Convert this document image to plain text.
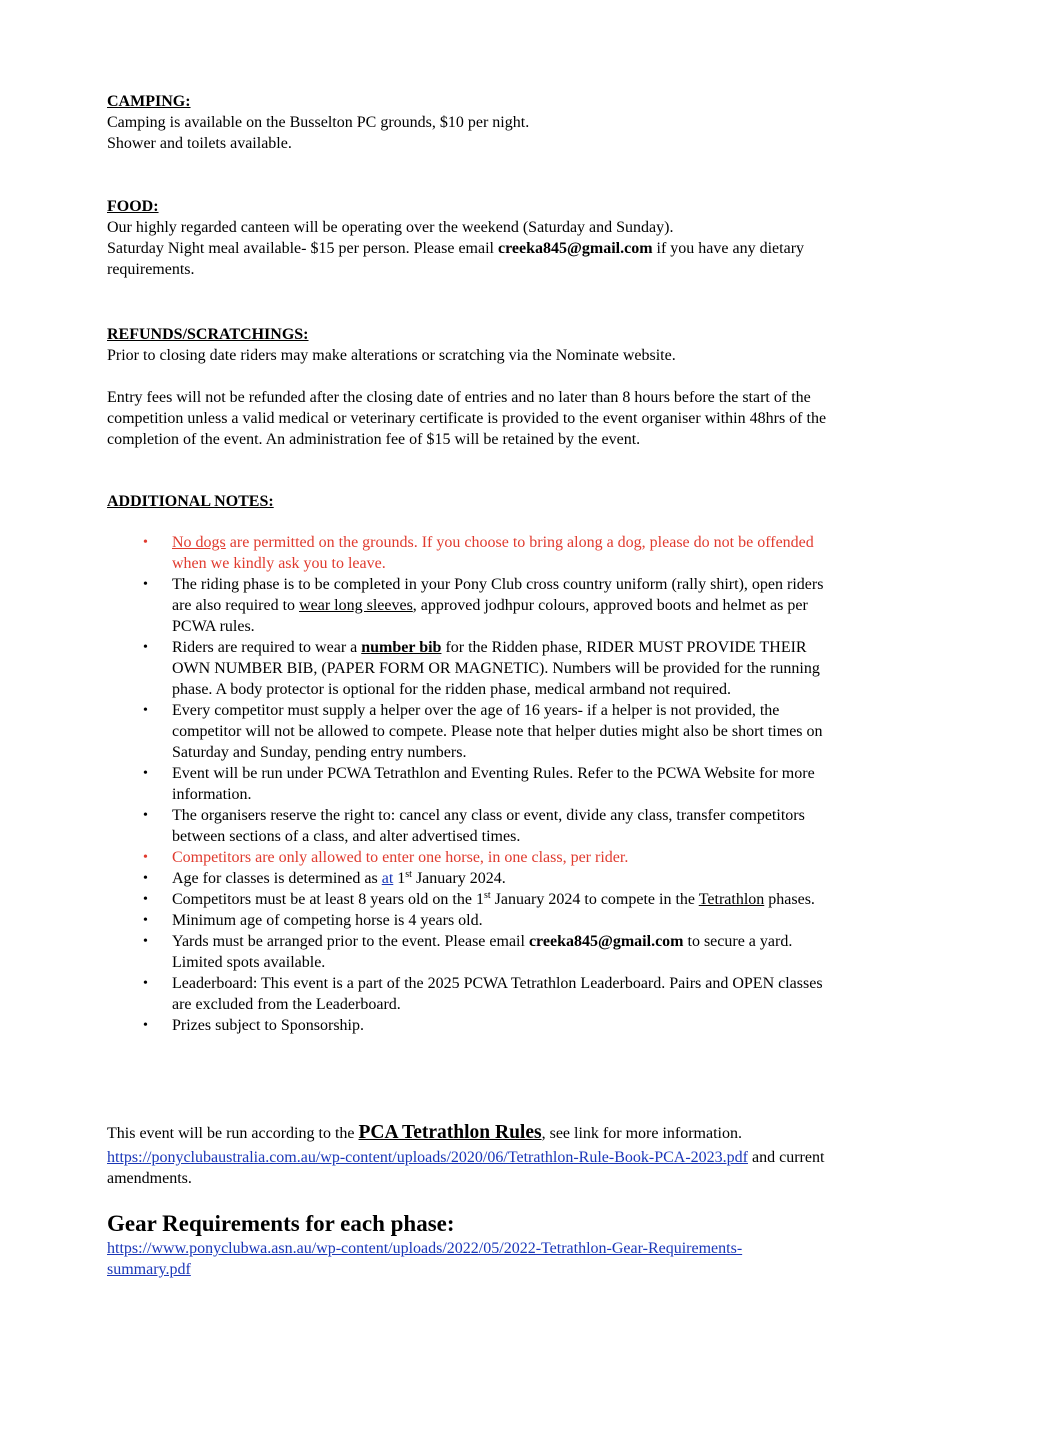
CAMPING:
Camping is available on the Busselton PC grounds, $10 per night.
Shower and toilets available.
FOOD:
Our highly regarded canteen will be operating over the weekend (Saturday and Sunday).
Saturday Night meal available- $15 per person. Please email creeka845@gmail.com if you have any dietary
requirements.
REFUNDS/SCRATCHINGS:
Prior to closing date riders may make alterations or scratching via the Nominate website.
Entry fees will not be refunded after the closing date of entries and no later than 8 hours before the start of the
competition unless a valid medical or veterinary certificate is provided to the event organiser within 48hrs of the
completion of the event. An administration fee of $15 will be retained by the event.
ADDITIONAL NOTES:
• No dogs are permitted on the grounds. If you choose to bring along a dog, please do not be offended
when we kindly ask you to leave.
• The riding phase is to be completed in your Pony Club cross country uniform (rally shirt), open riders
are also required to wear long sleeves, approved jodhpur colours, approved boots and helmet as per
PCWA rules.
• Riders are required to wear a number bib for the Ridden phase, RIDER MUST PROVIDE THEIR
OWN NUMBER BIB, (PAPER FORM OR MAGNETIC). Numbers will be provided for the running
phase. A body protector is optional for the ridden phase, medical armband not required.
• Every competitor must supply a helper over the age of 16 years- if a helper is not provided, the
competitor will not be allowed to compete. Please note that helper duties might also be short times on
Saturday and Sunday, pending entry numbers.
• Event will be run under PCWA Tetrathlon and Eventing Rules. Refer to the PCWA Website for more
information.
• The organisers reserve the right to: cancel any class or event, divide any class, transfer competitors
between sections of a class, and alter advertised times.
• Competitors are only allowed to enter one horse, in one class, per rider.
• Age for classes is determined as at 1st January 2024.
• Competitors must be at least 8 years old on the 1st January 2024 to compete in the Tetrathlon phases.
• Minimum age of competing horse is 4 years old.
• Yards must be arranged prior to the event. Please email creeka845@gmail.com to secure a yard.
Limited spots available.
• Leaderboard: This event is a part of the 2025 PCWA Tetrathlon Leaderboard. Pairs and OPEN classes
are excluded from the Leaderboard.
• Prizes subject to Sponsorship.
This event will be run according to the PCA Tetrathlon Rules, see link for more information.
https://ponyclubaustralia.com.au/wp-content/uploads/2020/06/Tetrathlon-Rule-Book-PCA-2023.pdf and current
amendments.
Gear Requirements for each phase:
https://www.ponyclubwa.asn.au/wp-content/uploads/2022/05/2022-Tetrathlon-Gear-Requirements-
summary.pdf
